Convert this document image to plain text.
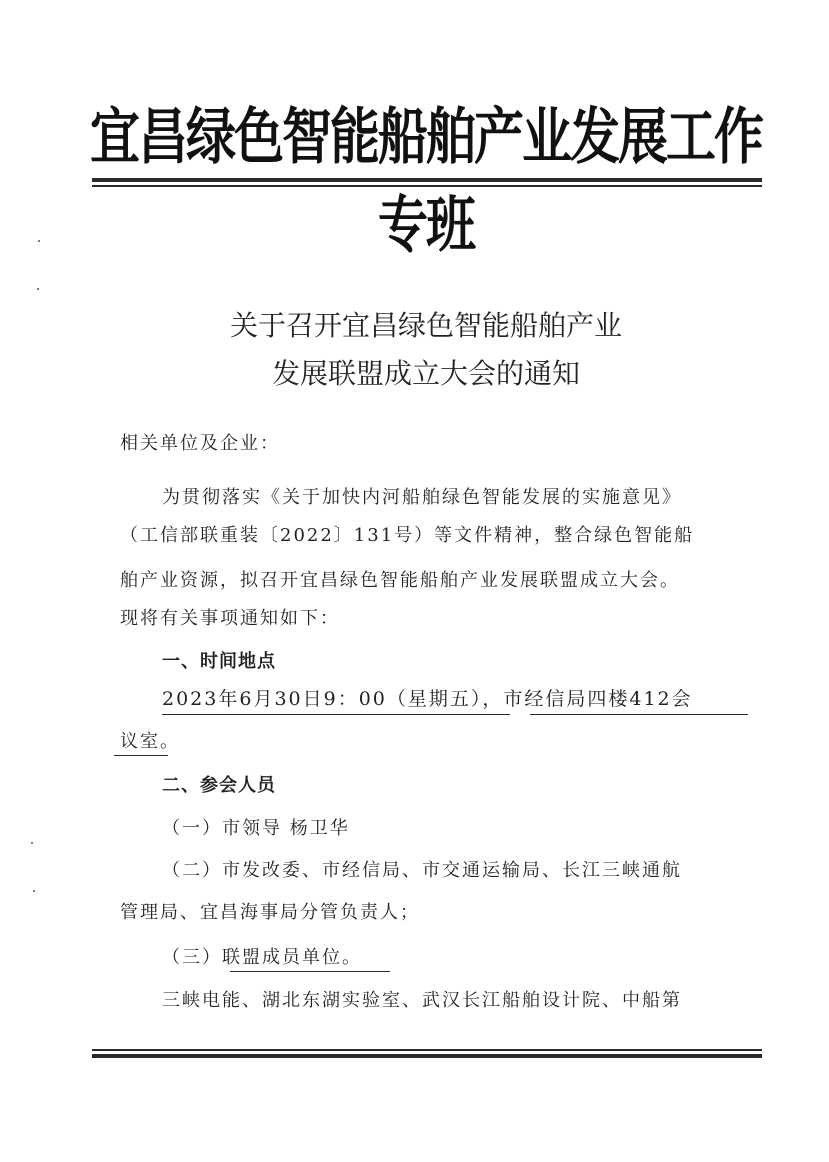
宜昌绿色智能船舶产业发展工作专班
关于召开宜昌绿色智能船舶产业
发展联盟成立大会的通知
相关单位及企业：
为贯彻落实《关于加快内河船舶绿色智能发展的实施意见》
（工信部联重装〔2022〕131号）等文件精神，整合绿色智能船
舶产业资源，拟召开宜昌绿色智能船舶产业发展联盟成立大会。
现将有关事项通知如下：
一、时间地点
2023年6月30日9：00（星期五），市经信局四楼412会
议室。
二、参会人员
（一）市领导 杨卫华
（二）市发改委、市经信局、市交通运输局、长江三峡通航
管理局、宜昌海事局分管负责人；
（三）联盟成员单位。
三峡电能、湖北东湖实验室、武汉长江船舶设计院、中船第
